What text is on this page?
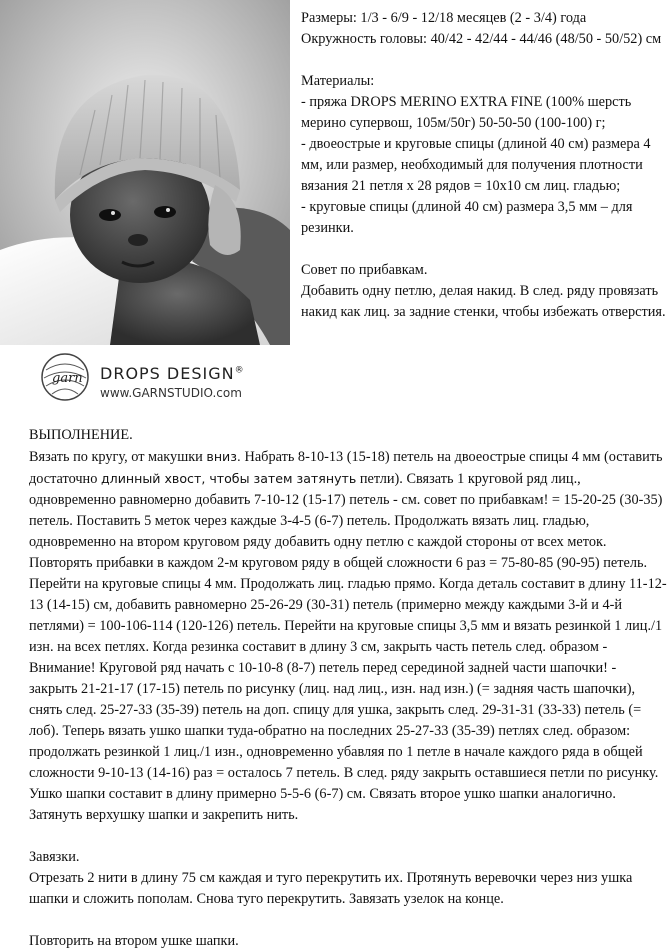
garn DROPS DESIGN®
www.GARNSTUDIO.com

Размеры: 1/3 - 6/9 - 12/18 месяцев (2 - 3/4) года

Окружность головы: 40/42 - 42/44 - 44/46 (48/50 - 50/52) см

Материалы:

- пряжа DROPS MERINO EXTRA FINE (100% шерсть мерино супервош, 105м/50г) 50-50-50 (100-100) г;

- двоеострые и круговые спицы (длиной 40 см) размера 4 мм, или размер, необходимый для получения плотности вязания 21 петля х 28 рядов = 10х10 см лиц. гладью;

- круговые спицы (длиной 40 см) размера 3,5 мм – для резинки.

Совет по прибавкам.

Добавить одну петлю, делая накид. В след. ряду провязать накид как лиц. за задние стенки, чтобы избежать отверстия.

ВЫПОЛНЕНИЕ.

Вязать по кругу, от макушки вниз. Набрать 8-10-13 (15-18) петель на двоеострые спицы 4 мм (оставить достаточно длинный хвост, чтобы затем затянуть петли). Связать 1 круговой ряд лиц., одновременно равномерно добавить 7-10-12 (15-17) петель - см. совет по прибавкам! = 15-20-25 (30-35) петель. Поставить 5 меток через каждые 3-4-5 (6-7) петель. Продолжать вязать лиц. гладью, одновременно на втором круговом ряду добавить одну петлю с каждой стороны от всех меток. Повторять прибавки в каждом 2-м круговом ряду в общей сложности 6 раз = 75-80-85 (90-95) петель. Перейти на круговые спицы 4 мм. Продолжать лиц. гладью прямо. Когда деталь составит в длину 11-12-13 (14-15) см, добавить равномерно 25-26-29 (30-31) петель (примерно между каждыми 3-й и 4-й петлями) = 100-106-114 (120-126) петель. Перейти на круговые спицы 3,5 мм и вязать резинкой 1 лиц./1 изн. на всех петлях. Когда резинка составит в длину 3 см, закрыть часть петель след. образом - Внимание! Круговой ряд начать с 10-10-8 (8-7) петель перед серединой задней части шапочки! - закрыть 21-21-17 (17-15) петель по рисунку (лиц. над лиц., изн. над изн.) (= задняя часть шапочки), снять след. 25-27-33 (35-39) петель на доп. спицу для ушка, закрыть след. 29-31-31 (33-33) петель (= лоб). Теперь вязать ушко шапки туда-обратно на последних 25-27-33 (35-39) петлях след. образом: продолжать резинкой 1 лиц./1 изн., одновременно убавляя по 1 петле в начале каждого ряда в общей сложности 9-10-13 (14-16) раз = осталось 7 петель. В след. ряду закрыть оставшиеся петли по рисунку. Ушко шапки составит в длину примерно 5-5-6 (6-7) см. Связать второе ушко шапки аналогично. Затянуть верхушку шапки и закрепить нить.

Завязки.

Отрезать 2 нити в длину 75 см каждая и туго перекрутить их. Протянуть веревочки через низ ушка шапки и сложить пополам. Снова туго перекрутить. Завязать узелок на конце.

Повторить на втором ушке шапки.
